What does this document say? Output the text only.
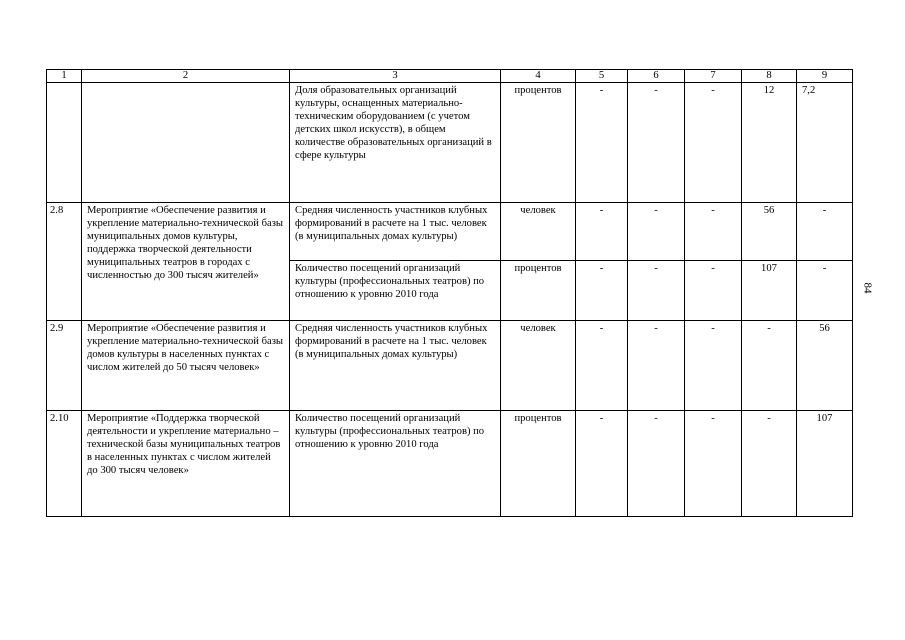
1	2	3	4	5	6	7	8	9
		Доля образовательных организаций культуры, оснащенных материально-техническим оборудованием (с учетом детских школ искусств), в общем количестве образовательных организаций в сфере культуры	процентов	-	-	-	12	7,2
2.8	Мероприятие «Обеспечение развития и укрепление материально-технической базы муниципальных домов культуры, поддержка творческой деятельности муниципальных театров в городах с численностью до 300 тысяч жителей»	Средняя численность участников клубных формирований в расчете на 1 тыс. человек (в муниципальных домах культуры)	человек	-	-	-	56	-
		Количество посещений организаций культуры (профессиональных театров) по отношению к уровню 2010 года	процентов	-	-	-	107	-
2.9	Мероприятие «Обеспечение развития и укрепление материально-технической базы домов культуры в населенных пунктах с числом жителей до 50 тысяч человек»	Средняя численность участников клубных формирований в расчете на 1 тыс. человек (в муниципальных домах культуры)	человек	-	-	-	-	56
2.10	Мероприятие «Поддержка творческой деятельности и укрепление материально – технической базы муниципальных театров в населенных пунктах с числом жителей до 300 тысяч человек»	Количество посещений организаций культуры (профессиональных театров) по отношению к уровню 2010 года	процентов	-	-	-	-	107
84
